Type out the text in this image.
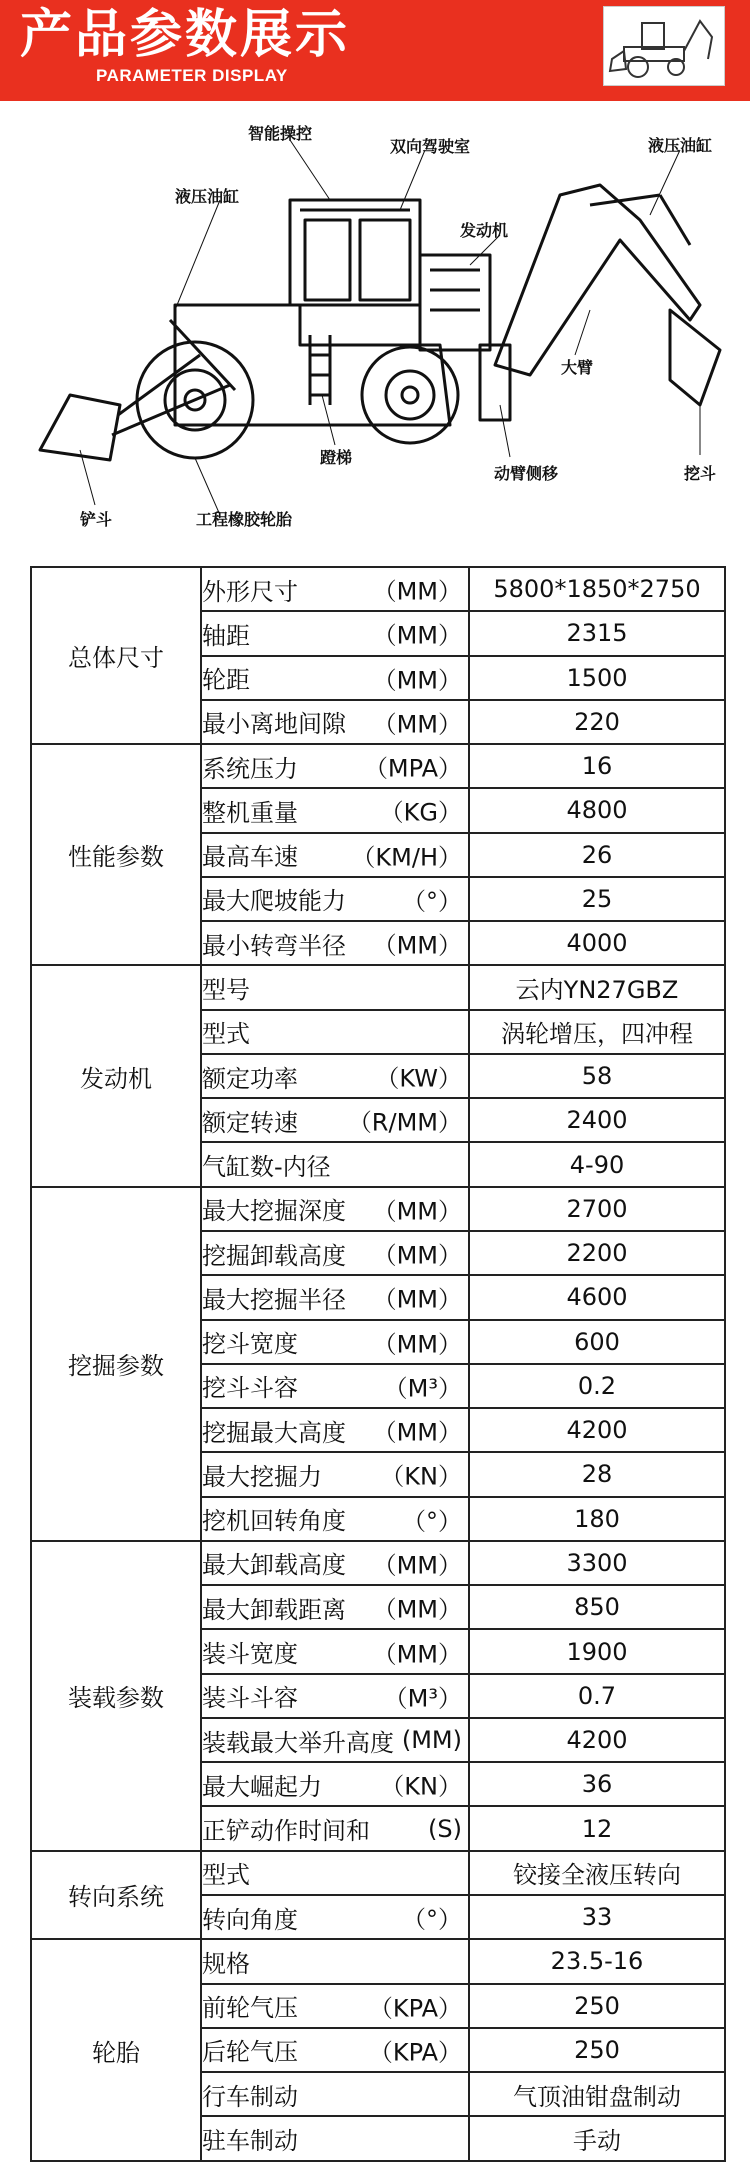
产品参数展示
PARAMETER DISPLAY
智能操控
双向驾驶室
液压油缸
液压油缸
发动机
大臂
蹬梯
动臂侧移	挖斗
铲斗	工程橡胶轮胎
总体尺寸	外形尺寸 （MM）	5800*1850*2750
	轴距 （MM）	2315
	轮距 （MM）	1500
	最小离地间隙 （MM）	220
性能参数	系统压力 （MPA）	16
	整机重量 （KG）	4800
	最高车速 （KM/H）	26
	最大爬坡能力 （°）	25
	最小转弯半径 （MM）	4000
发动机	型号	云内YN27GBZ
	型式	涡轮增压，四冲程
	额定功率 （KW）	58
	额定转速 （R/MM）	2400
	气缸数-内径	4-90
挖掘参数	最大挖掘深度 （MM）	2700
	挖掘卸载高度 （MM）	2200
	最大挖掘半径 （MM）	4600
	挖斗宽度 （MM）	600
	挖斗斗容 （M³）	0.2
	挖掘最大高度 （MM）	4200
	最大挖掘力 （KN）	28
	挖机回转角度 （°）	180
装载参数	最大卸载高度 （MM）	3300
	最大卸载距离 （MM）	850
	装斗宽度 （MM）	1900
	装斗斗容 （M³）	0.7
	装载最大举升高度 (MM)	4200
	最大崛起力 （KN）	36
	正铲动作时间和 (S)	12
转向系统	型式	铰接全液压转向
	转向角度 （°）	33
轮胎	规格	23.5-16
	前轮气压 （KPA）	250
	后轮气压 （KPA）	250
	行车制动	气顶油钳盘制动
	驻车制动	手动
